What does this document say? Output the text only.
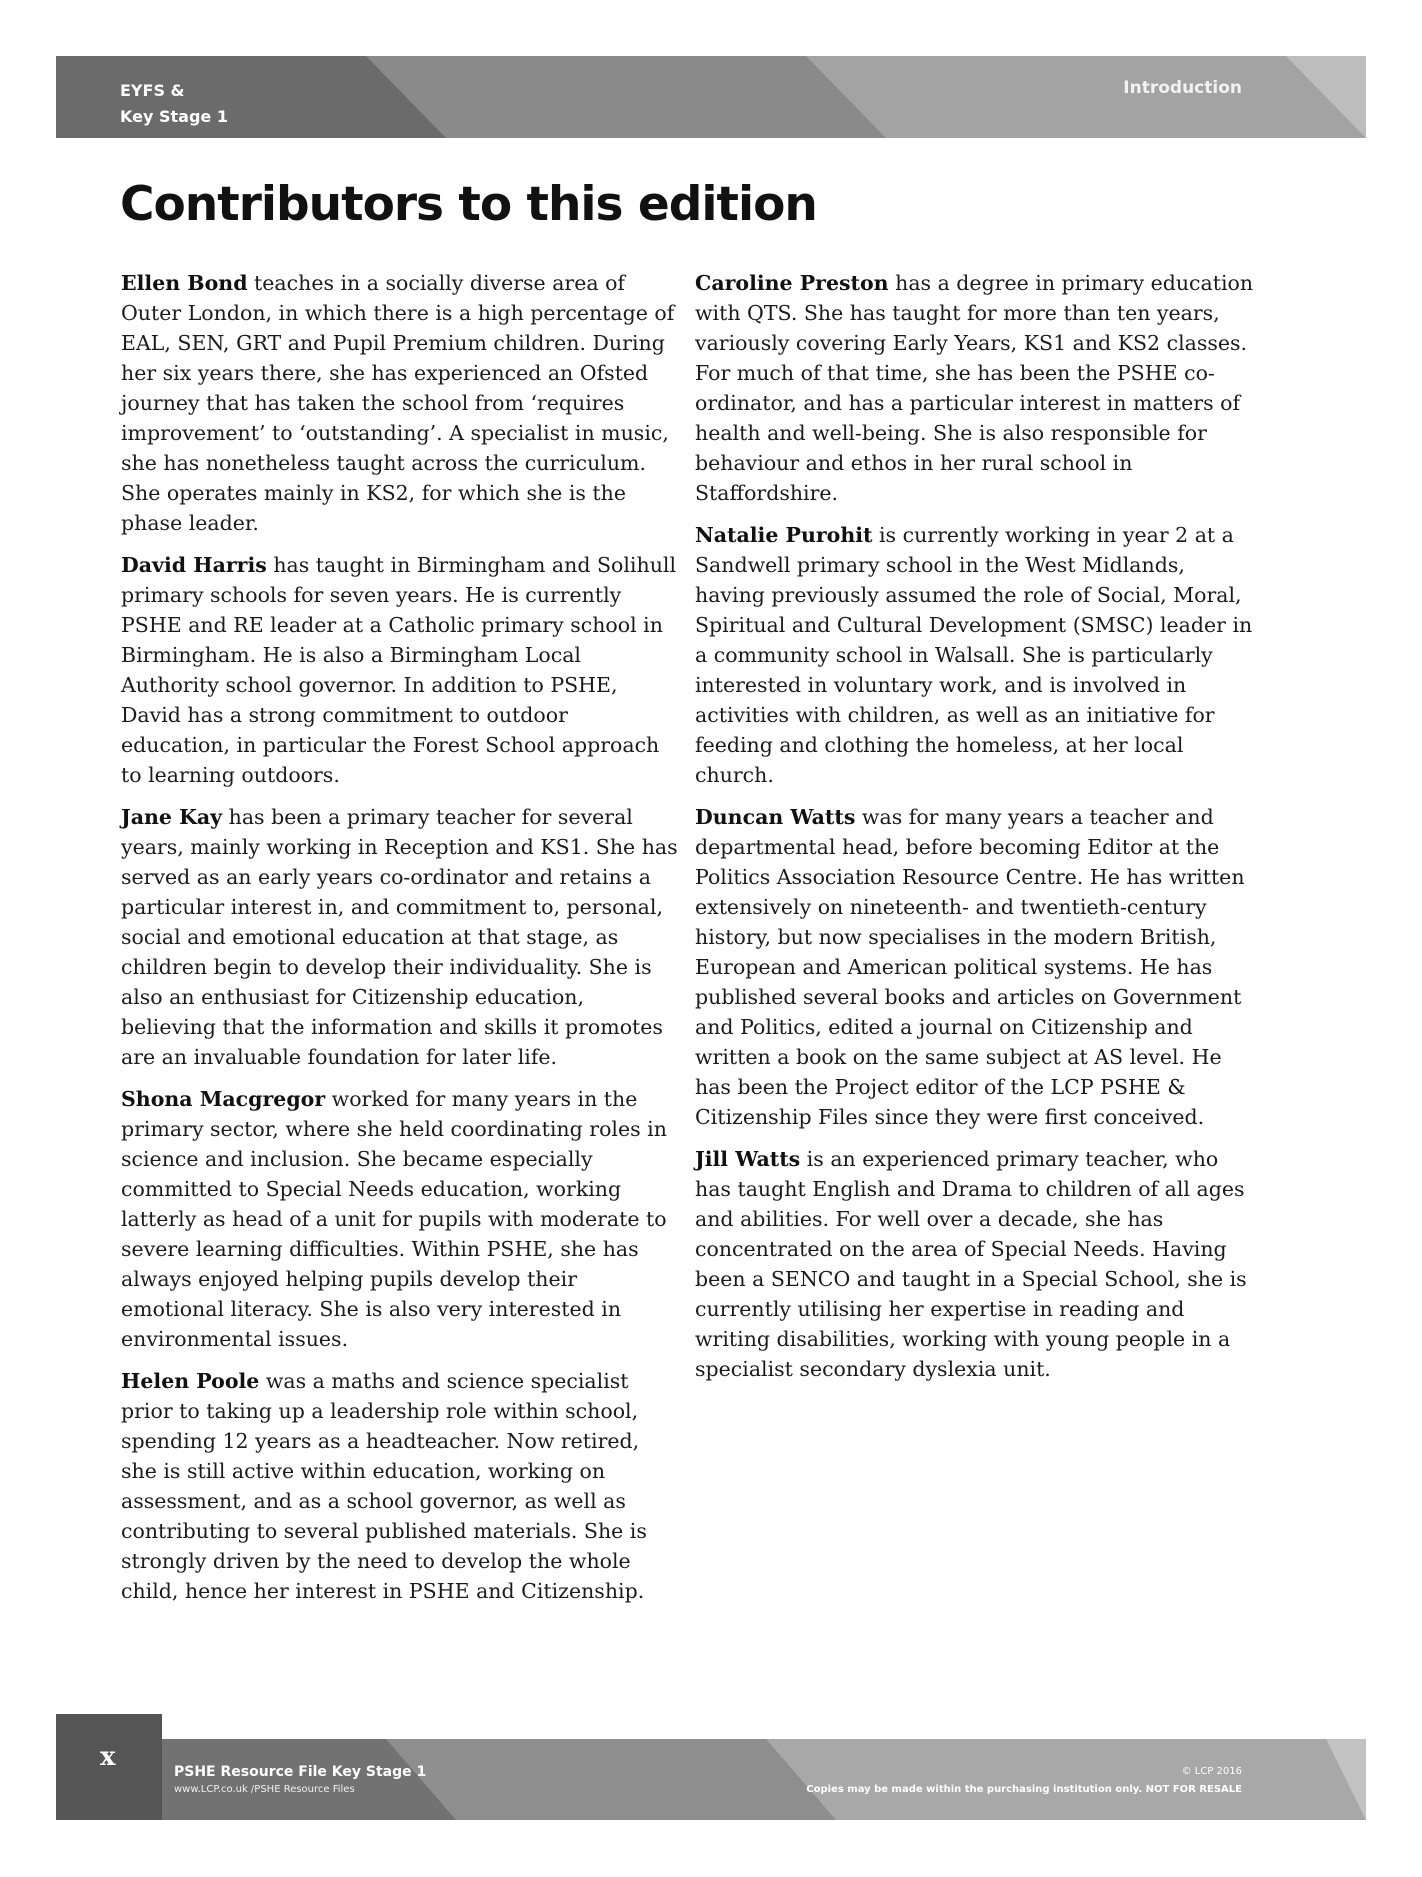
EYFS &
Key Stage 1
Introduction
Contributors to this edition

Ellen Bond teaches in a socially diverse area of Outer London, in which there is a high percentage of EAL, SEN, GRT and Pupil Premium children. During her six years there, she has experienced an Ofsted journey that has taken the school from ‘requires improvement’ to ‘outstanding’. A specialist in music, she has nonetheless taught across the curriculum. She operates mainly in KS2, for which she is the phase leader.

David Harris has taught in Birmingham and Solihull primary schools for seven years. He is currently PSHE and RE leader at a Catholic primary school in Birmingham. He is also a Birmingham Local Authority school governor. In addition to PSHE, David has a strong commitment to outdoor education, in particular the Forest School approach to learning outdoors.

Jane Kay has been a primary teacher for several years, mainly working in Reception and KS1. She has served as an early years co-ordinator and retains a particular interest in, and commitment to, personal, social and emotional education at that stage, as children begin to develop their individuality. She is also an enthusiast for Citizenship education, believing that the information and skills it promotes are an invaluable foundation for later life.

Shona Macgregor worked for many years in the primary sector, where she held coordinating roles in science and inclusion. She became especially committed to Special Needs education, working latterly as head of a unit for pupils with moderate to severe learning difficulties. Within PSHE, she has always enjoyed helping pupils develop their emotional literacy. She is also very interested in environmental issues.

Helen Poole was a maths and science specialist prior to taking up a leadership role within school, spending 12 years as a headteacher. Now retired, she is still active within education, working on assessment, and as a school governor, as well as contributing to several published materials. She is strongly driven by the need to develop the whole child, hence her interest in PSHE and Citizenship.

Caroline Preston has a degree in primary education with QTS. She has taught for more than ten years, variously covering Early Years, KS1 and KS2 classes. For much of that time, she has been the PSHE co-ordinator, and has a particular interest in matters of health and well-being. She is also responsible for behaviour and ethos in her rural school in Staffordshire.

Natalie Purohit is currently working in year 2 at a Sandwell primary school in the West Midlands, having previously assumed the role of Social, Moral, Spiritual and Cultural Development (SMSC) leader in a community school in Walsall. She is particularly interested in voluntary work, and is involved in activities with children, as well as an initiative for feeding and clothing the homeless, at her local church.

Duncan Watts was for many years a teacher and departmental head, before becoming Editor at the Politics Association Resource Centre. He has written extensively on nineteenth- and twentieth-century history, but now specialises in the modern British, European and American political systems. He has published several books and articles on Government and Politics, edited a journal on Citizenship and written a book on the same subject at AS level. He has been the Project editor of the LCP PSHE & Citizenship Files since they were first conceived.

Jill Watts is an experienced primary teacher, who has taught English and Drama to children of all ages and abilities. For well over a decade, she has concentrated on the area of Special Needs. Having been a SENCO and taught in a Special School, she is currently utilising her expertise in reading and writing disabilities, working with young people in a specialist secondary dyslexia unit.

x	PSHE Resource File Key Stage 1
www.LCP.co.uk /PSHE Resource Files
© LCP 2016
Copies may be made within the purchasing institution only. NOT FOR RESALE
